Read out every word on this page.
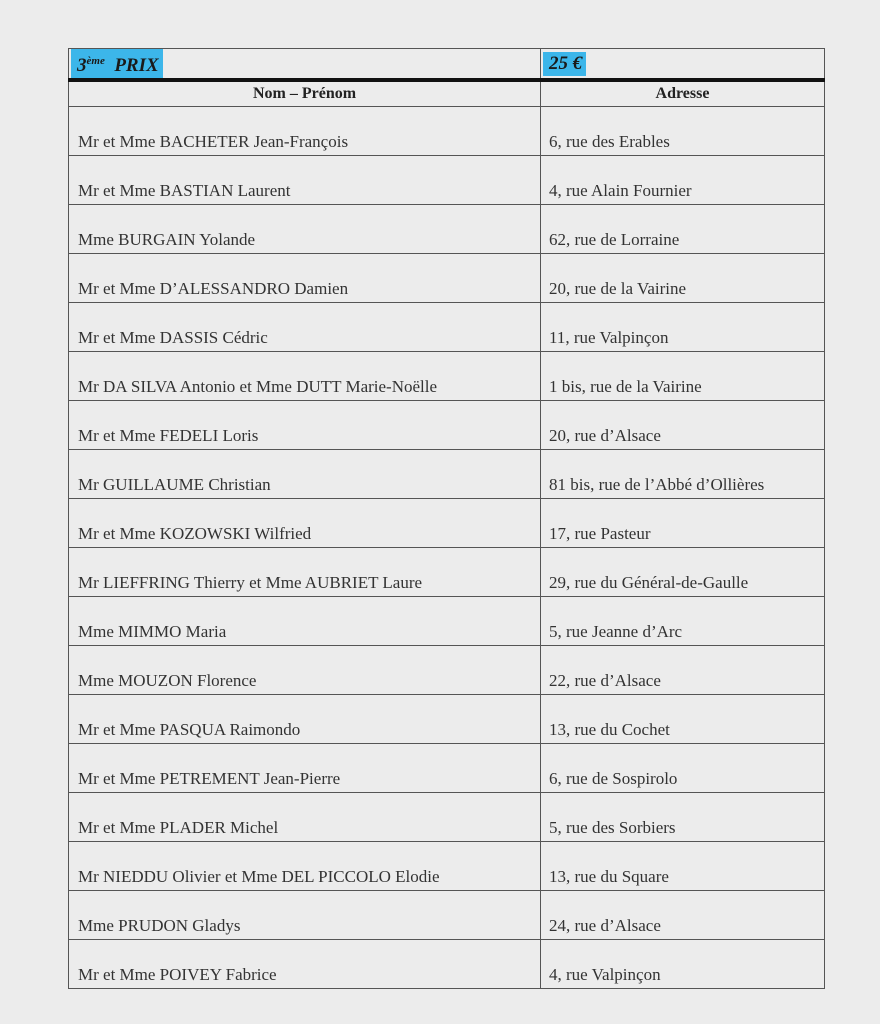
3ème PRIX	25 €
Nom – Prénom	Adresse
Mr et Mme BACHETER Jean-François	6, rue des Erables
Mr et Mme BASTIAN Laurent	4, rue Alain Fournier
Mme BURGAIN Yolande	62, rue de Lorraine
Mr et Mme D’ALESSANDRO Damien	20, rue de la Vairine
Mr et Mme DASSIS Cédric	11, rue Valpinçon
Mr DA SILVA Antonio et Mme DUTT Marie-Noëlle	1 bis, rue de la Vairine
Mr et Mme FEDELI Loris	20, rue d’Alsace
Mr GUILLAUME Christian	81 bis, rue de l’Abbé d’Ollières
Mr et Mme KOZOWSKI Wilfried	17, rue Pasteur
Mr LIEFFRING Thierry et Mme AUBRIET Laure	29, rue du Général-de-Gaulle
Mme MIMMO Maria	5, rue Jeanne d’Arc
Mme MOUZON Florence	22, rue d’Alsace
Mr et Mme PASQUA Raimondo	13, rue du Cochet
Mr et Mme PETREMENT Jean-Pierre	6, rue de Sospirolo
Mr et Mme PLADER Michel	5, rue des Sorbiers
Mr NIEDDU Olivier et Mme DEL PICCOLO Elodie	13, rue du Square
Mme PRUDON Gladys	24, rue d’Alsace
Mr et Mme POIVEY Fabrice	4, rue Valpinçon
